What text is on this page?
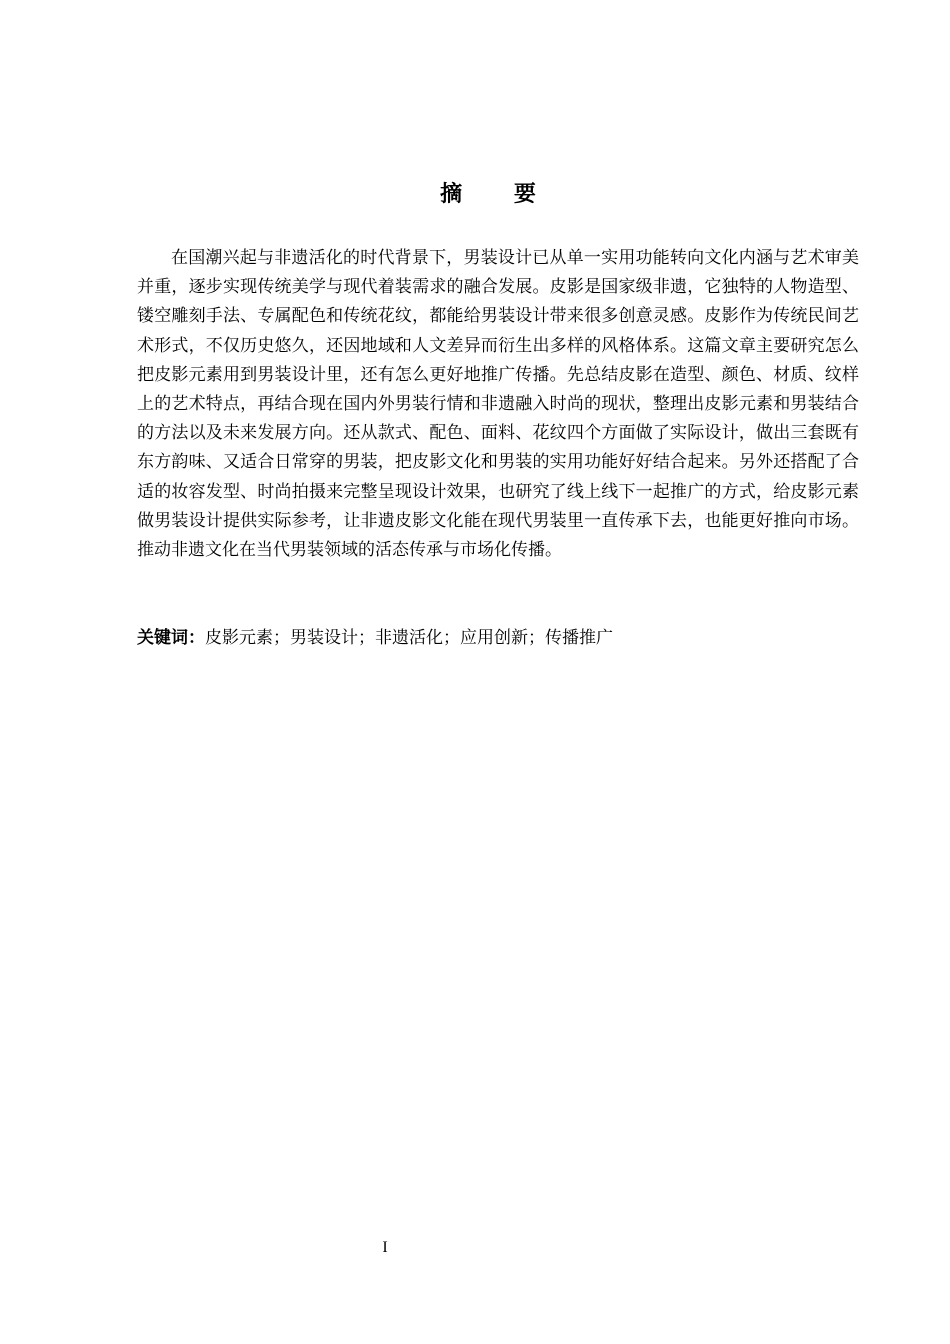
摘 要

在国潮兴起与非遗活化的时代背景下，男装设计已从单一实用功能转向文化内涵与艺术审美并重，逐步实现传统美学与现代着装需求的融合发展。皮影是国家级非遗，它独特的人物造型、镂空雕刻手法、专属配色和传统花纹，都能给男装设计带来很多创意灵感。皮影作为传统民间艺术形式，不仅历史悠久，还因地域和人文差异而衍生出多样的风格体系。这篇文章主要研究怎么把皮影元素用到男装设计里，还有怎么更好地推广传播。先总结皮影在造型、颜色、材质、纹样上的艺术特点，再结合现在国内外男装行情和非遗融入时尚的现状，整理出皮影元素和男装结合的方法以及未来发展方向。还从款式、配色、面料、花纹四个方面做了实际设计，做出三套既有东方韵味、又适合日常穿的男装，把皮影文化和男装的实用功能好好结合起来。另外还搭配了合适的妆容发型、时尚拍摄来完整呈现设计效果，也研究了线上线下一起推广的方式，给皮影元素做男装设计提供实际参考，让非遗皮影文化能在现代男装里一直传承下去，也能更好推向市场。推动非遗文化在当代男装领域的活态传承与市场化传播。

关键词：皮影元素；男装设计；非遗活化；应用创新；传播推广
I
